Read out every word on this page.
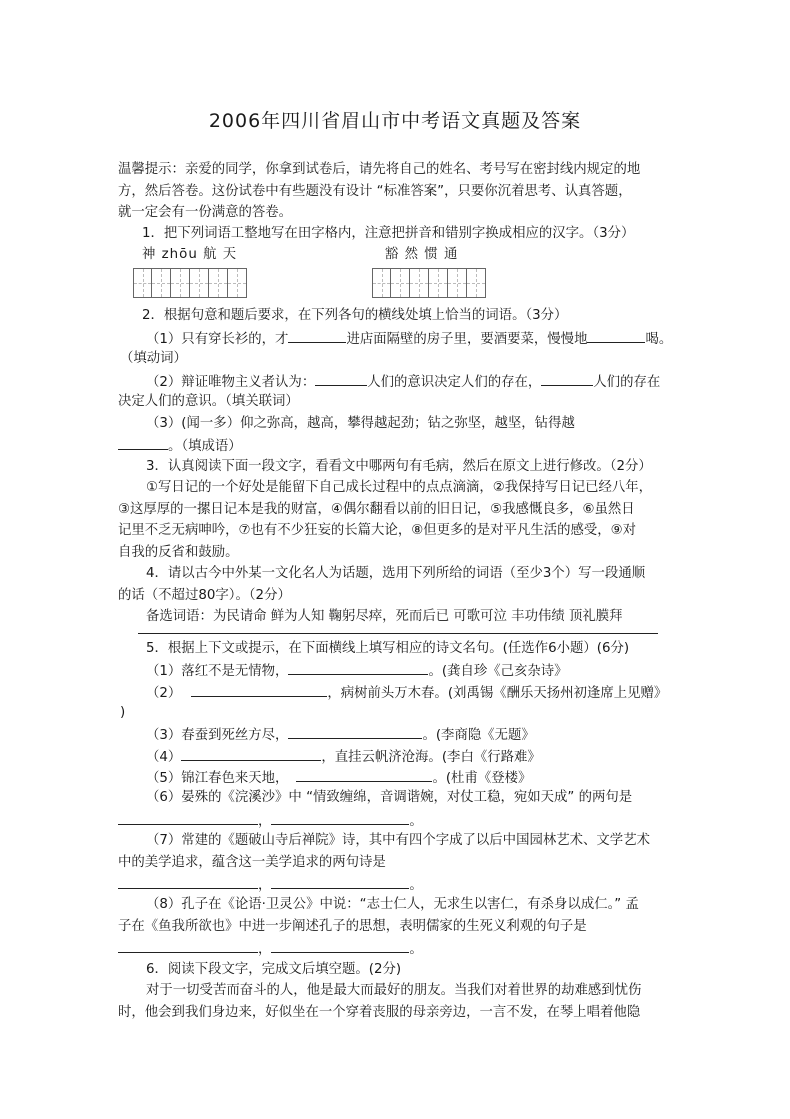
2006年四川省眉山市中考语文真题及答案
温馨提示：亲爱的同学，你拿到试卷后，请先将自己的姓名、考号写在密封线内规定的地
方，然后答卷。这份试卷中有些题没有设计 “标准答案”，只要你沉着思考、认真答题，
就一定会有一份满意的答卷。
1．把下列词语工整地写在田字格内，注意把拼音和错别字换成相应的汉字。（3分）
神 zhōu 航 天	豁 然 惯 通
2．根据句意和题后要求，在下列各句的横线处填上恰当的词语。（3分）
（1）只有穿长衫的，才	进店面隔壁的房子里，要酒要菜，慢慢地	喝。
（填动词）
（2）辩证唯物主义者认为：	人们的意识决定人们的存在，	人们的存在
决定人们的意识。（填关联词）
（3）(闻一多）仰之弥高，越高，攀得越起劲；钻之弥坚，越坚，钻得越
。（填成语）
3．认真阅读下面一段文字，看看文中哪两句有毛病，然后在原文上进行修改。（2分）
①写日记的一个好处是能留下自己成长过程中的点点滴滴，②我保持写日记已经八年，
③这厚厚的一摞日记本是我的财富，④偶尔翻看以前的旧日记，⑤我感慨良多，⑥虽然日
记里不乏无病呻吟，⑦也有不少狂妄的长篇大论，⑧但更多的是对平凡生活的感受，⑨对
自我的反省和鼓励。
4．请以古今中外某一文化名人为话题，选用下列所给的词语（至少3个）写一段通顺
的话（不超过80字）。（2分）
备选词语：为民请命 鲜为人知 鞠躬尽瘁，死而后已 可歌可泣 丰功伟绩 顶礼膜拜
5．根据上下文或提示，在下面横线上填写相应的诗文名句。(任选作6小题）(6分)
（1）落红不是无情物，	。(龚自珍《己亥杂诗》
（2）	，病树前头万木春。(刘禹锡《酬乐天扬州初逢席上见赠》
)
（3）春蚕到死丝方尽，	。(李商隐《无题》
（4）	，直挂云帆济沧海。(李白《行路难》
（5）锦江春色来天地，	。(杜甫《登楼》
（6）晏殊的《浣溪沙》中 “情致缠绵，音调谐婉，对仗工稳，宛如天成” 的两句是
，	。
（7）常建的《题破山寺后禅院》诗，其中有四个字成了以后中国园林艺术、文学艺术
中的美学追求，蕴含这一美学追求的两句诗是
，	。
（8）孔子在《论语·卫灵公》中说：“志士仁人，无求生以害仁，有杀身以成仁。” 孟
子在《鱼我所欲也》中进一步阐述孔子的思想，表明儒家的生死义利观的句子是
，	。
6．阅读下段文字，完成文后填空题。(2分)
对于一切受苦而奋斗的人，他是最大而最好的朋友。当我们对着世界的劫难感到忧伤
时，他会到我们身边来，好似坐在一个穿着丧服的母亲旁边，一言不发，在琴上唱着他隐
